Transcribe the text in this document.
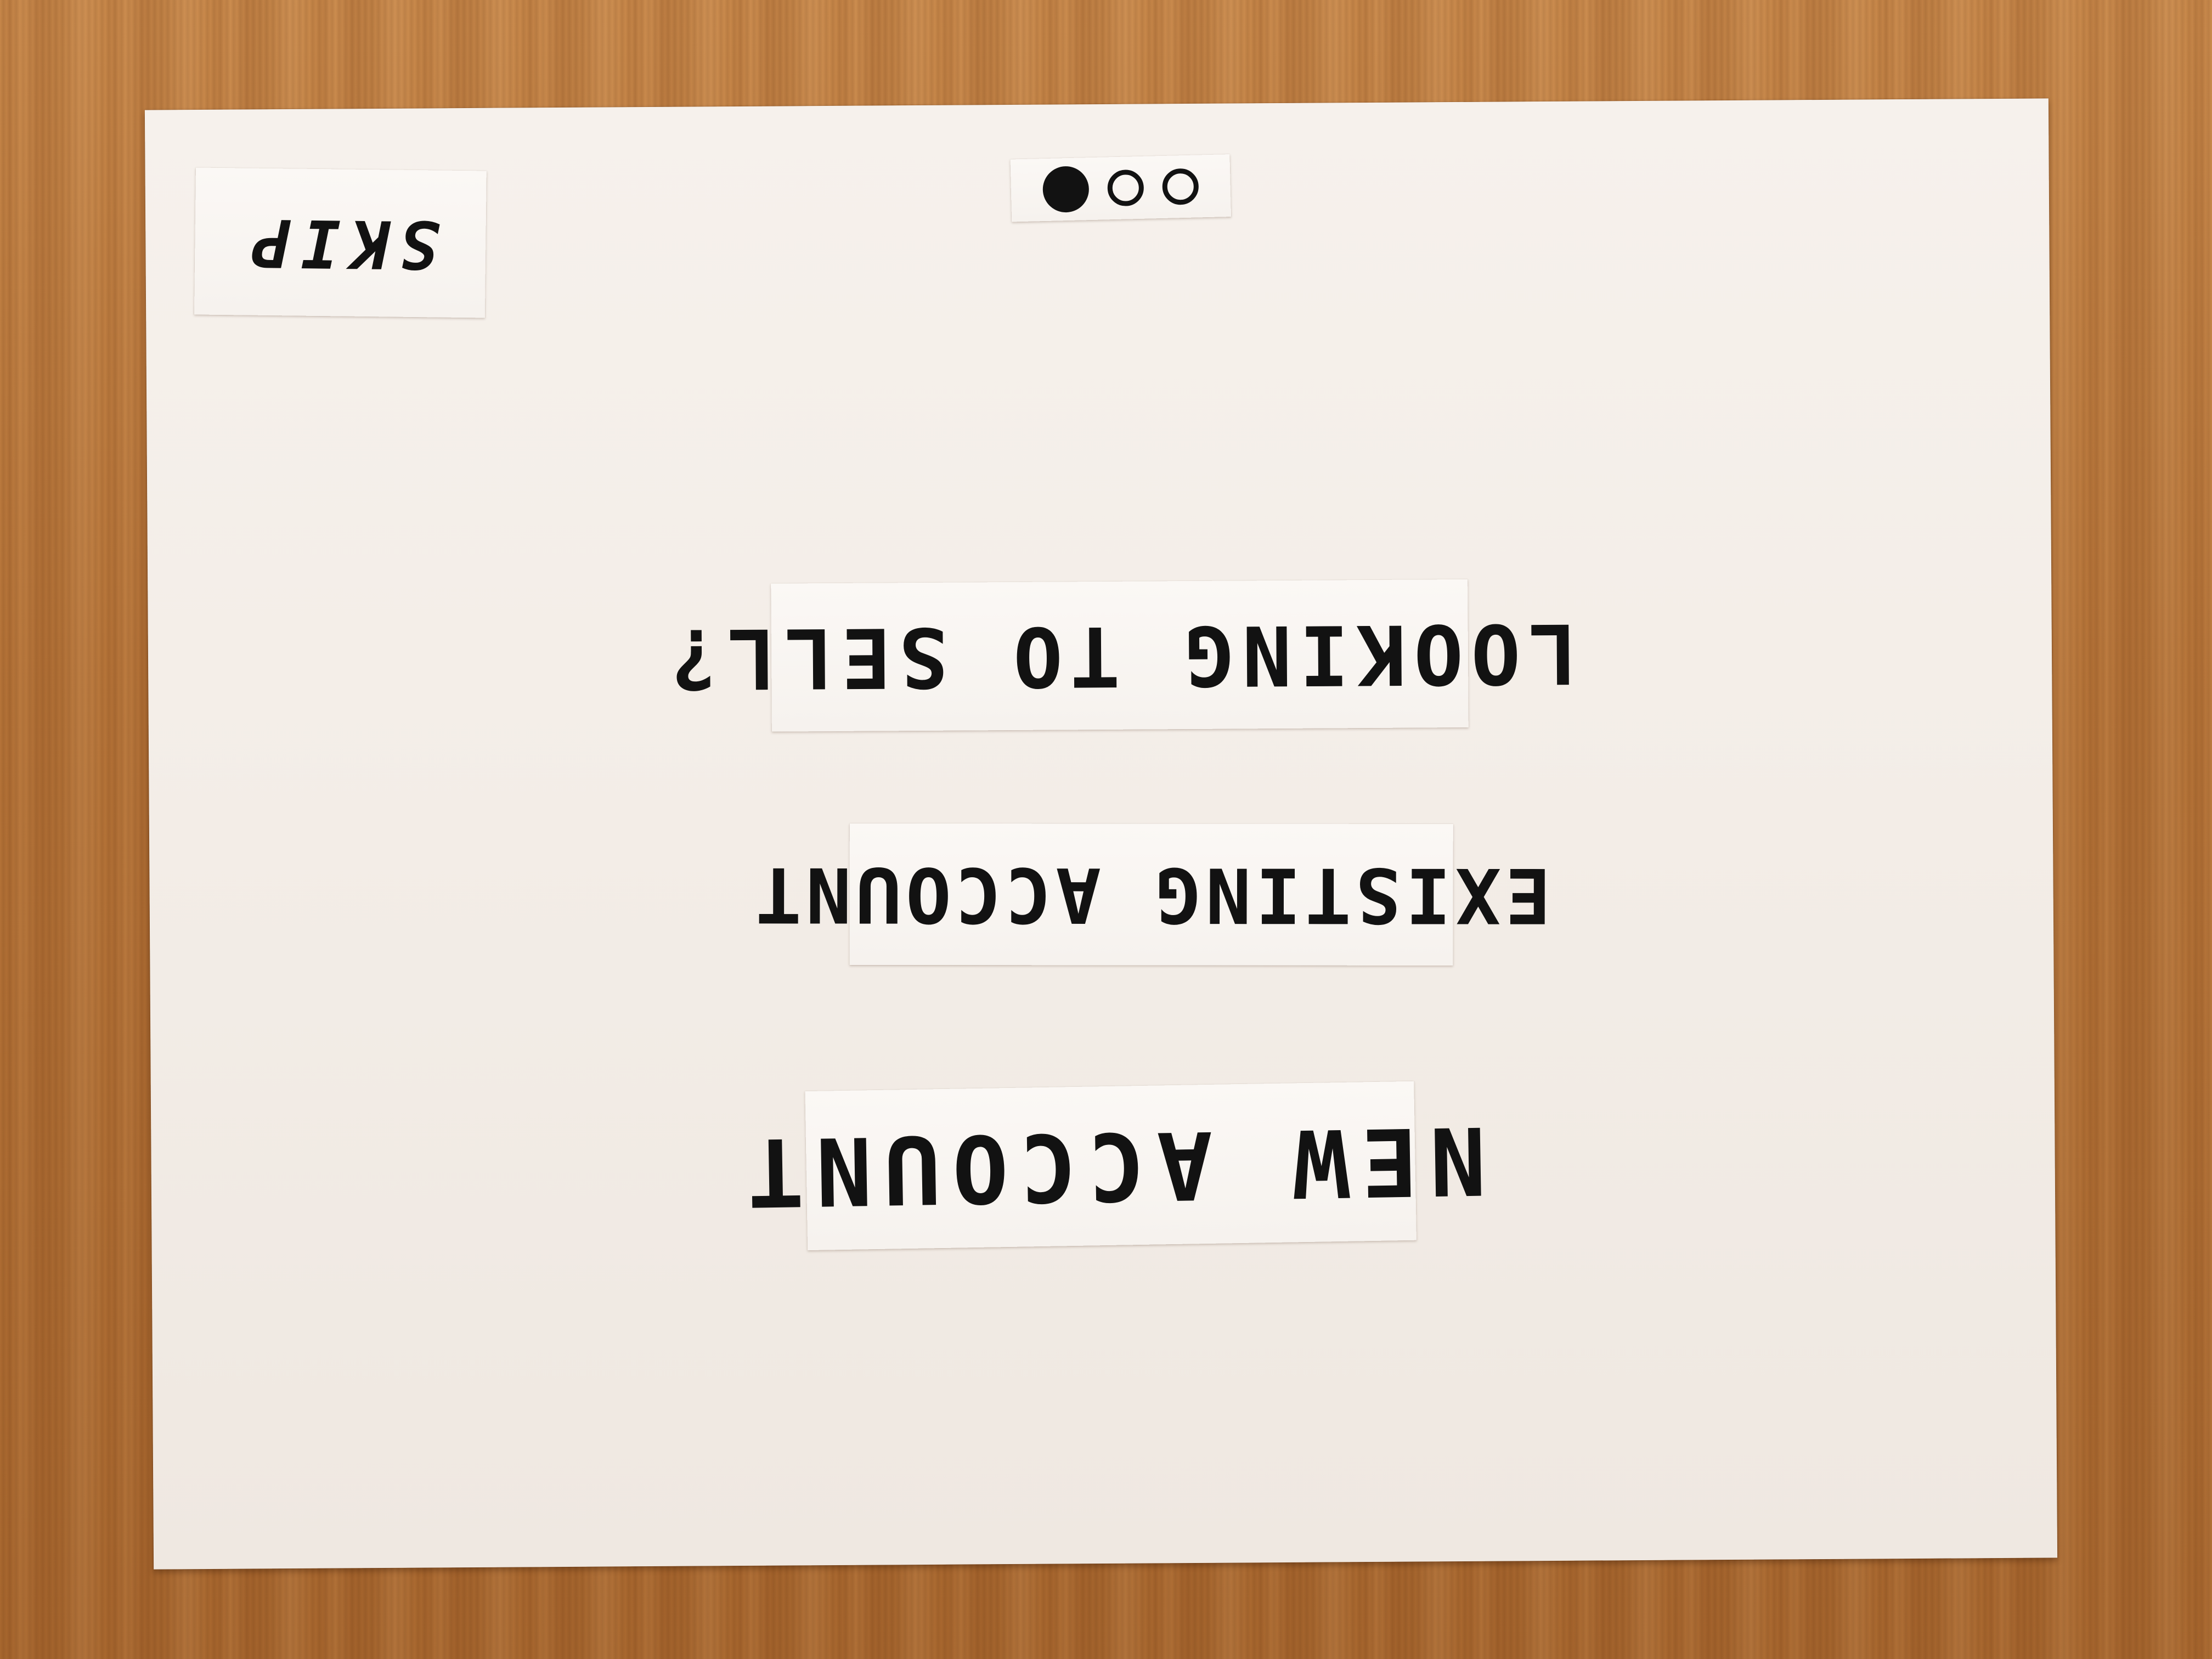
SKIP
LOOKING TO SELL?
EXISTING ACCOUNT
NEW ACCOUNT
